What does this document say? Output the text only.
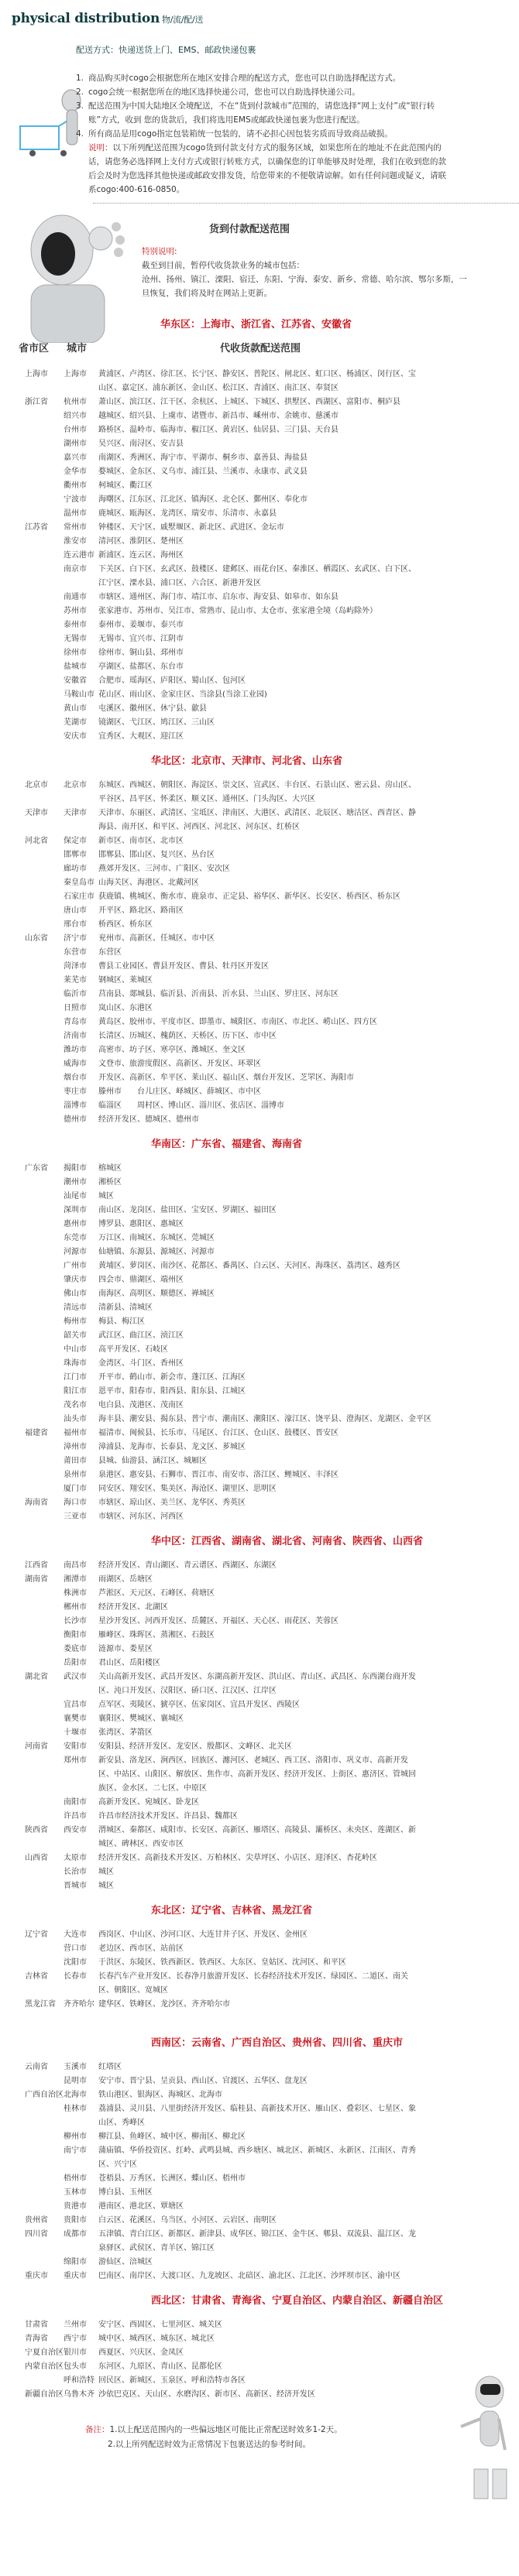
physical distribution 物/流/配/送
配送方式：快递送货上门、EMS、邮政快递包裹
1. 商品购买时cogo会根据您所在地区安排合理的配送方式，您也可以自助选择配送方式。
2. cogo会统一根据您所在的地区选择快递公司，您也可以自助选择快递公司。
3. 配送范围为中国大陆地区全境配送，不在“货到付款城市”范围的，请您选择“网上支付”或“银行转账”方式，收到 您的货款后，我们将选用EMS或邮政快递包裹为您进行配送。
4. 所有商品是用cogo指定包装箱统一包装的，请不必担心因包装劣质而导致商品破损。
说明：以下所列配送范围为cogo货到付款支付方式的服务区域，如果您所在的地址不在此范围内的话，请您务必选择网上支付方式或银行转账方式，以确保您的订单能够及时处理，我们在收到您的款后会及时为您选择其他快递或邮政安排发货，给您带来的不便敬请谅解。如有任何问题或疑义，请联系cogo:400-616-0850。
货到付款配送范围
特别说明:
截至到目前，暂停代收货款业务的城市包括：
沧州、扬州、镇江、溧阳、宿迁、东阳、宁海、泰安、新乡、常德、哈尔滨、鄂尔多斯，一旦恢复，我们将及时在网站上更新。
华东区：上海市、浙江省、江苏省、安徽省
省市区	城市	代收货款配送范围
上海市	上海市	黄浦区、卢湾区、徐汇区、长宁区、静安区、普陀区、闸北区、虹口区、杨浦区、闵行区、宝山区、嘉定区、浦东新区、金山区、松江区、青浦区、南汇区、奉贤区
浙江省	杭州市	萧山区、滨江区、江干区、余杭区、上城区、下城区、拱墅区、西湖区、富阳市、桐庐县
绍兴市	越城区、绍兴县、上虞市、诸暨市、新昌市、嵊州市、余姚市、慈溪市
台州市	路桥区、温岭市、临海市、椒江区、黄岩区、仙居县、三门县、天台县
湖州市	吴兴区、南浔区、安吉县
嘉兴市	南湖区、秀洲区、海宁市、平湖市、桐乡市、嘉善县、海盐县
金华市	婺城区、金东区、义乌市、浦江县、兰溪市、永康市、武义县
衢州市	柯城区、衢江区
宁波市	海曙区、江东区、江北区、镇海区、北仑区、鄞州区、奉化市
温州市	鹿城区、瓯海区、龙湾区、瑞安市、乐清市、永嘉县
江苏省	常州市	钟楼区、天宁区、戚墅堰区、新北区、武进区、金坛市
淮安市	清河区、淮阴区、楚州区
连云港市 新浦区、连云区、海州区
南京市	下关区、白下区、玄武区、鼓楼区、建邺区、雨花台区、秦淮区、栖霞区、玄武区、白下区、江宁区、溧水县、浦口区、六合区、新港开发区
南通市	市辖区、通州区、海门市、靖江市、启东市、海安县、如皋市、如东县
苏州市	张家港市、苏州市、吴江市、常熟市、昆山市、太仓市、张家港全境（岛屿除外）
泰州市	泰州市、姜堰市、泰兴市
无锡市	无锡市、宜兴市、江阴市
徐州市	徐州市、铜山县、邳州市
盐城市	亭湖区、盐都区、东台市
安徽省	合肥市、瑶海区、庐阳区、蜀山区、包河区
马鞍山市 花山区、雨山区、金家庄区、当涂县(当涂工业园)
黄山市	屯溪区、徽州区、休宁县、歙县
芜湖市	镜湖区、弋江区、鸠江区、三山区
安庆市	宜秀区、大观区、迎江区
华北区：北京市、天津市、河北省、山东省
北京市	北京市	东城区、西城区、朝阳区、海淀区、崇文区、宣武区、丰台区、石景山区、密云县、房山区、平谷区、昌平区、怀柔区、顺义区、通州区、门头沟区、大兴区
天津市	天津市	天津市、东丽区、武清区、宝坻区、津南区、大港区、武清区、北辰区、塘沽区、西青区、静海县、南开区、和平区、河西区、河北区、河东区、红桥区
河北省	保定市	新市区、南市区、北市区
邯郸市	邯郸县、邯山区、复兴区、丛台区
廊坊市	燕郊开发区、三河市、广阳区、安次区
秦皇岛市 山海关区、海港区、北戴河区
石家庄市 获鹿镇、桃城区、衡水市、鹿泉市、正定县、裕华区、新华区、长安区、桥西区、桥东区
唐山市	开平区、路北区、路南区
邢台市	桥西区、桥东区
山东省	济宁市	兖州市、高新区、任城区、市中区
东营市	东营区
菏泽市	曹县工业园区、曹县开发区、曹县、牡丹区开发区
莱芜市	钢城区、莱城区
临沂市	莒南县、郯城县、临沂县、沂南县、沂水县、兰山区、罗庄区、河东区
日照市	岚山区、东港区
青岛市	黄岛区、胶州市、平度市区、即墨市、城阳区、市南区、市北区、崂山区、四方区
济南市	长清区、历城区、槐荫区、天桥区、历下区、市中区
潍坊市	高密市、坊子区、寒亭区、潍城区、奎文区
威海市	文登市、旅游度假区、高新区、开发区、环翠区
烟台市	开发区、高新区、牟平区、莱山区、福山区、烟台开发区、芝罘区、海阳市
枣庄市	滕州市　　台儿庄区、峄城区、薛城区、市中区
淄博市	临淄区　　周村区、博山区、淄川区、张店区、淄博市
德州市	经济开发区、德城区、德州市
华南区：广东省、福建省、海南省
广东省	揭阳市	榕城区
潮州市	湘桥区
汕尾市	城区
深圳市	南山区、龙岗区、盐田区、宝安区、罗湖区、福田区
惠州市	博罗县、惠阳区、惠城区
东莞市	万江区、南城区、东城区、莞城区
河源市	仙塘镇、东源县、源城区、河源市
广州市	黄埔区、萝岗区、南沙区、花都区、番禺区、白云区、天河区、海珠区、荔湾区、越秀区
肇庆市	四会市、鼎湖区、端州区
佛山市	南海区、高明区、顺德区、禅城区
清远市	清新县、清城区
梅州市	梅县、梅江区
韶关市	武江区、曲江区、浈江区
中山市	高平开发区、石岐区
珠海市	金湾区、斗门区、香州区
江门市	开平市、鹤山市、新会市、蓬江区、江海区
阳江市	恩平市、阳春市、阳西县、阳东县、江城区
茂名市	电白县、茂港区、茂南区
汕头市	海丰县、潮安县、揭东县、普宁市、潮南区、潮阳区、濠江区、饶平县、澄海区、龙湖区、金平区
福建省	福州市	福清市、闽候县、长乐市、马尾区、台江区、仓山区、鼓楼区、晋安区
漳州市	漳浦县、龙海市、长泰县、龙文区、芗城区
莆田市	县城、仙游县、涵江区、城厢区
泉州市	泉港区、惠安县、石狮市、晋江市、南安市、洛江区、鲤城区、丰泽区
厦门市	同安区、翔安区、集美区、海沧区、湖里区、思明区
海南省	海口市	市辖区、琼山区、美兰区、龙华区、秀英区
三亚市	市辖区、河东区、河西区
华中区：江西省、湖南省、湖北省、河南省、陕西省、山西省
江西省	南昌市	经济开发区、青山湖区、青云谱区、西湖区、东湖区
湖南省	湘潭市	雨湖区、岳塘区
株洲市	芦淞区、天元区、石峰区、荷塘区
郴州市	经济开发区、北湖区
长沙市	星沙开发区、河西开发区、岳麓区、开福区、天心区、雨花区、芙蓉区
衡阳市	雁峰区、珠晖区、蒸湘区、石鼓区
娄底市	涟源市、娄星区
岳阳市	君山区、岳阳楼区
湖北省	武汉市	关山高新开发区、武昌开发区、东湖高新开发区、洪山区、青山区、武昌区、东西湖台商开发区、沌口开发区、汉阳区、硚口区、江汉区、江岸区
宜昌市	点军区、夷陵区、猇亭区、伍家岗区、宜昌开发区、西陵区
襄樊市	襄阳区、樊城区、襄城区
十堰市	张湾区、茅箭区
河南省	安阳市	安阳县、经济开发区、龙安区、殷都区、文峰区、北关区
郑州市	新安县、洛龙区、涧西区、回族区、瀍河区、老城区、西工区、洛阳市、巩义市、高新开发区、中站区、山阳区、解放区、焦作市、高新开发区、经济开发区、上街区、惠济区、管城回族区、金水区、二七区、中原区
南阳市	高新开发区、宛城区、卧龙区
许昌市	许昌市经济技术开发区、许昌县、魏都区
陕西省	西安市	渭城区、秦都区、咸阳市、长安区、高新区、雁塔区、高陵县、灞桥区、未央区、莲湖区、新城区、碑林区、西安市区
山西省	太原市	经济开发区、高新技术开发区、万柏林区、尖草坪区、小店区、迎泽区、杏花岭区
长治市	城区
晋城市	城区
东北区：辽宁省、吉林省、黑龙江省
辽宁省	大连市	西岗区、中山区、沙河口区、大连甘井子区、开发区、金州区
营口市	老边区、西市区、站前区
沈阳市	于洪区、东陵区、铁西新区、铁西区、大东区、皇姑区、沈河区、和平区
吉林省	长春市	长春汽车产业开发区、长春净月旅游开发区、长春经济技术开发区、绿园区、二道区、南关区、朝阳区、宽城区
黑龙江省	齐齐哈尔 建华区、铁峰区、龙沙区、齐齐哈尔市
西南区：云南省、广西自治区、贵州省、四川省、重庆市
云南省	玉溪市	红塔区
昆明市	安宁市、晋宁县、呈贡县、西山区、官渡区、五华区、盘龙区
广西自治区 北海市	铁山港区、银海区、海城区、北海市
桂林市	荔浦县、灵川县、八里街经济开发区、临桂县、高新技术开区、雁山区、叠彩区、七星区、象山区、秀峰区
柳州市	柳江县、鱼峰区、城中区、柳南区、柳北区
南宁市	蒲庙镇、华侨投资区、红岭、武鸣县城、西乡塘区、城北区、新城区、永新区、江南区、青秀区、兴宁区
梧州市	苍梧县、万秀区、长洲区、蝶山区、梧州市
玉林市	博白县、玉州区
贵港市	港南区、港北区、覃塘区
贵州省	贵阳市	白云区、花溪区、乌当区、小河区、云岩区、南明区
四川省	成都市	五津镇、青白江区、新都区、新津县、成华区、锦江区、金牛区、郫县、双流县、温江区、龙泉驿区、武侯区、青羊区、锦江区
绵阳市	游仙区、涪城区
重庆市	重庆市	巴南区、南岸区、大渡口区、九龙坡区、北碚区、渝北区、江北区、沙坪坝市区、渝中区
西北区：甘肃省、青海省、宁夏自治区、内蒙自治区、新疆自治区
甘肃省	兰州市	安宁区、西固区、七里河区、城关区
青海省	西宁市	城中区、城西区、城东区、城北区
宁夏自治区 银川市	西夏区、兴庆区、金凤区
内蒙自治区 包头市	东河区、九原区、青山区、昆都伦区
呼和浩特 回民区、新城区、玉泉区、呼和浩特市各区
新疆自治区 乌鲁木齐 沙依巴克区、天山区、水磨沟区、新市区、高新区、经济开发区
备注：1.以上配送范围内的一些偏远地区可能比正常配送时效多1-2天。
2.以上所列配送时效为正常情况下包裹送达的参考时间。
